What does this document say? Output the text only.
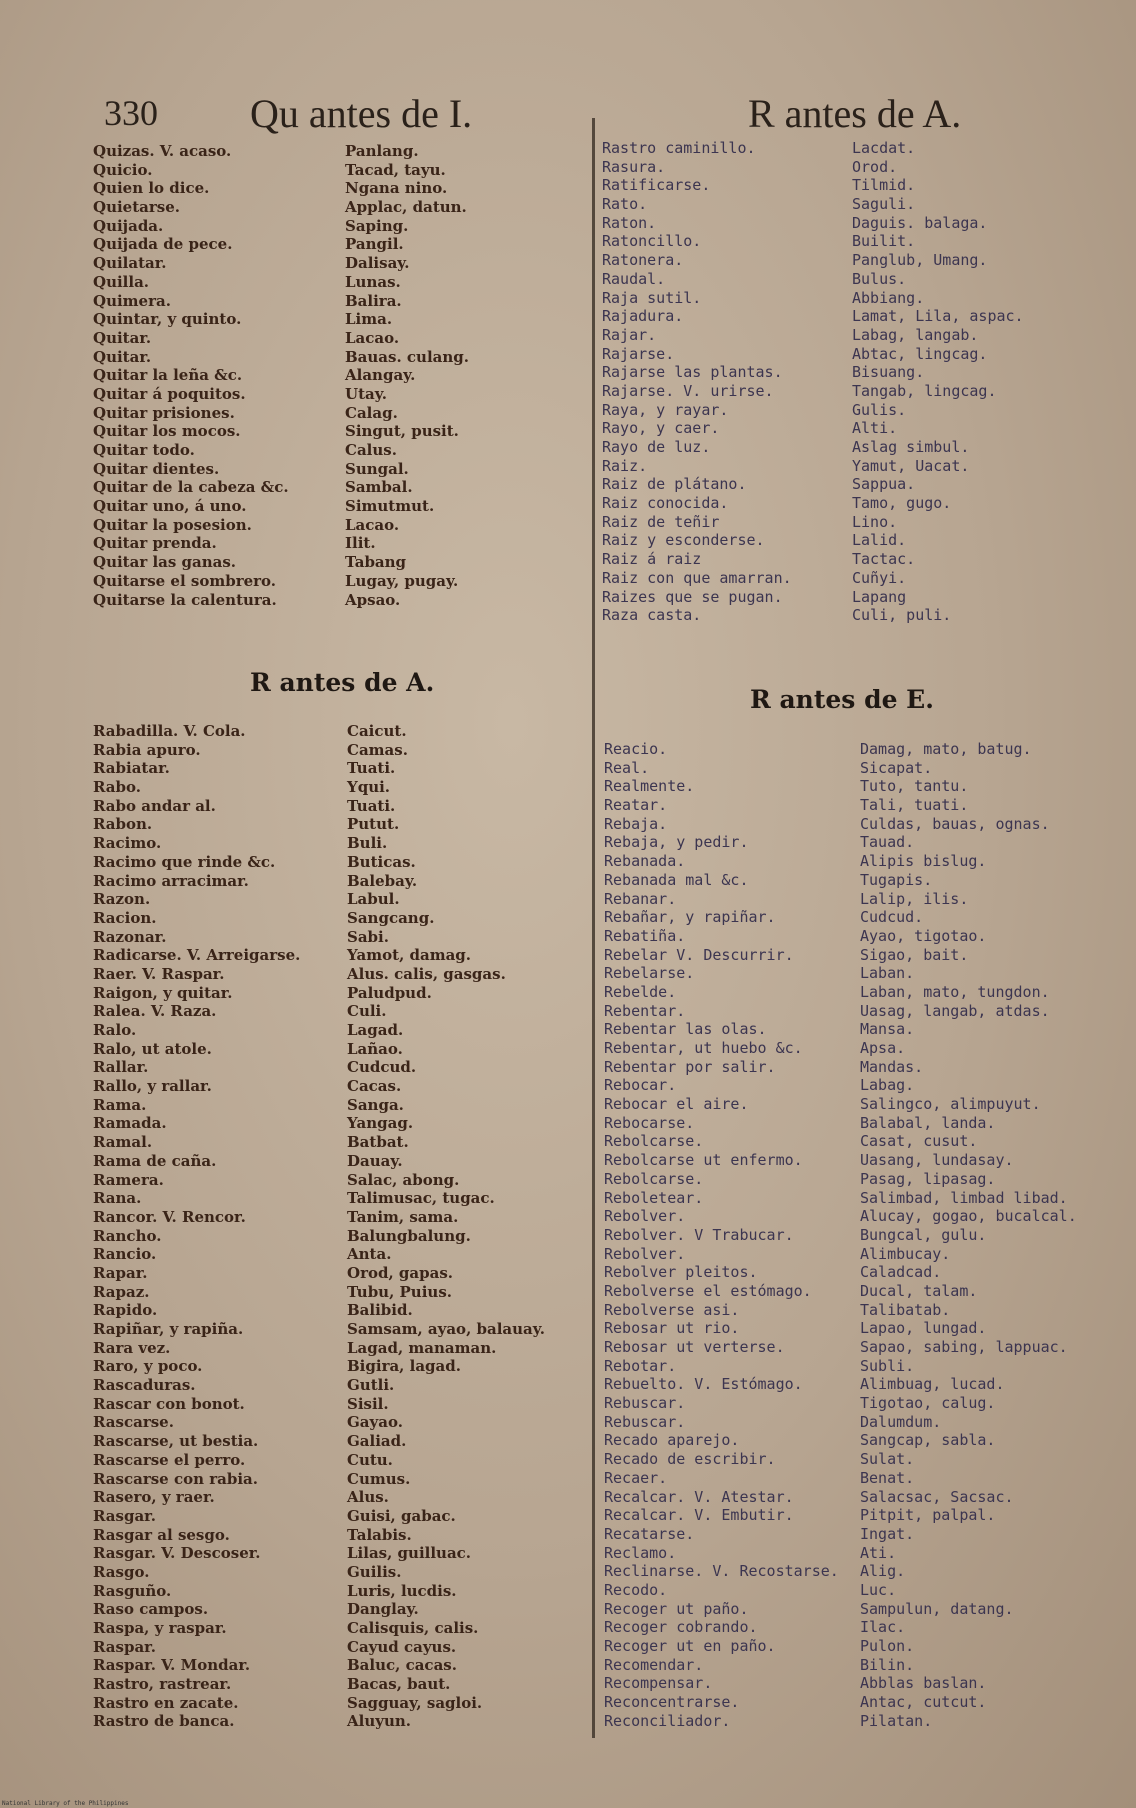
330 Qu antes de I.	R antes de A.
Quizas. V. acaso.	Panlang.
Quicio.	Tacad, tayu.
Quien lo dice.	Ngana nino.
Quietarse.	Applac, datun.
Quijada.	Saping.
Quijada de pece.	Pangil.
Quilatar.	Dalisay.
Quilla.	Lunas.
Quimera.	Balira.
Quintar, y quinto.	Lima.
Quitar.	Lacao.
Quitar.	Bauas. culang.
Quitar la leña &c.	Alangay.
Quitar á poquitos.	Utay.
Quitar prisiones.	Calag.
Quitar los mocos.	Singut, pusit.
Quitar todo.	Calus.
Quitar dientes.	Sungal.
Quitar de la cabeza &c.	Sambal.
Quitar uno, á uno.	Simutmut.
Quitar la posesion.	Lacao.
Quitar prenda.	Ilit.
Quitar las ganas.	Tabang
Quitarse el sombrero.	Lugay, pugay.
Quitarse la calentura.	Apsao.
Rastro caminillo.	Lacdat.
Rasura.	Orod.
Ratificarse.	Tilmid.
Rato.	Saguli.
Raton.	Daguis. balaga.
Ratoncillo.	Builit.
Ratonera.	Panglub, Umang.
Raudal.	Bulus.
Raja sutil.	Abbiang.
Rajadura.	Lamat, Lila, aspac.
Rajar.	Labag, langab.
Rajarse.	Abtac, lingcag.
Rajarse las plantas.	Bisuang.
Rajarse. V. urirse.	Tangab, lingcag.
Raya, y rayar.	Gulis.
Rayo, y caer.	Alti.
Rayo de luz.	Aslag simbul.
Raiz.	Yamut, Uacat.
Raiz de plátano.	Sappua.
Raiz conocida.	Tamo, gugo.
Raiz de teñir	Lino.
Raiz y esconderse.	Lalid.
Raiz á raiz	Tactac.
Raiz con que amarran.	Cuñyi.
Raizes que se pugan.	Lapang
Raza casta.	Culi, puli.
R antes de A.
Rabadilla. V. Cola.	Caicut.
Rabia apuro.	Camas.
Rabiatar.	Tuati.
Rabo.	Yqui.
Rabo andar al.	Tuati.
Rabon.	Putut.
Racimo.	Buli.
Racimo que rinde &c.	Buticas.
Racimo arracimar.	Balebay.
Razon.	Labul.
Racion.	Sangcang.
Razonar.	Sabi.
Radicarse. V. Arreigarse.	Yamot, damag.
Raer. V. Raspar.	Alus. calis, gasgas.
Raigon, y quitar.	Paludpud.
Ralea. V. Raza.	Culi.
Ralo.	Lagad.
Ralo, ut atole.	Lañao.
Rallar.	Cudcud.
Rallo, y rallar.	Cacas.
Rama.	Sanga.
Ramada.	Yangag.
Ramal.	Batbat.
Rama de caña.	Dauay.
Ramera.	Salac, abong.
Rana.	Talimusac, tugac.
Rancor. V. Rencor.	Tanim, sama.
Rancho.	Balungbalung.
Rancio.	Anta.
Rapar.	Orod, gapas.
Rapaz.	Tubu, Puius.
Rapido.	Balibid.
Rapiñar, y rapiña.	Samsam, ayao, balauay.
Rara vez.	Lagad, manaman.
Raro, y poco.	Bigira, lagad.
Rascaduras.	Gutli.
Rascar con bonot.	Sisil.
Rascarse.	Gayao.
Rascarse, ut bestia.	Galiad.
Rascarse el perro.	Cutu.
Rascarse con rabia.	Cumus.
Rasero, y raer.	Alus.
Rasgar.	Guisi, gabac.
Rasgar al sesgo.	Talabis.
Rasgar. V. Descoser.	Lilas, guilluac.
Rasgo.	Guilis.
Rasguño.	Luris, lucdis.
Raso campos.	Danglay.
Raspa, y raspar.	Calisquis, calis.
Raspar.	Cayud cayus.
Raspar. V. Mondar.	Baluc, cacas.
Rastro, rastrear.	Bacas, baut.
Rastro en zacate.	Sagguay, sagloi.
Rastro de banca.	Aluyun.
R antes de E.
Reacio.	Damag, mato, batug.
Real.	Sicapat.
Realmente.	Tuto, tantu.
Reatar.	Tali, tuati.
Rebaja.	Culdas, bauas, ognas.
Rebaja, y pedir.	Tauad.
Rebanada.	Alipis bislug.
Rebanada mal &c.	Tugapis.
Rebanar.	Lalip, ilis.
Rebañar, y rapiñar.	Cudcud.
Rebatiña.	Ayao, tigotao.
Rebelar V. Descurrir.	Sigao, bait.
Rebelarse.	Laban.
Rebelde.	Laban, mato, tungdon.
Rebentar.	Uasag, langab, atdas.
Rebentar las olas.	Mansa.
Rebentar, ut huebo &c.	Apsa.
Rebentar por salir.	Mandas.
Rebocar.	Labag.
Rebocar el aire.	Salingco, alimpuyut.
Rebocarse.	Balabal, landa.
Rebolcarse.	Casat, cusut.
Rebolcarse ut enfermo.	Uasang, lundasay.
Rebolcarse.	Pasag, lipasag.
Reboletear.	Salimbad, limbad libad.
Rebolver.	Alucay, gogao, bucalcal.
Rebolver. V Trabucar.	Bungcal, gulu.
Rebolver.	Alimbucay.
Rebolver pleitos.	Caladcad.
Rebolverse el estómago.	Ducal, talam.
Rebolverse asi.	Talibatab.
Rebosar ut rio.	Lapao, lungad.
Rebosar ut verterse.	Sapao, sabing, lappuac.
Rebotar.	Subli.
Rebuelto. V. Estómago.	Alimbuag, lucad.
Rebuscar.	Tigotao, calug.
Rebuscar.	Dalumdum.
Recado aparejo.	Sangcap, sabla.
Recado de escribir.	Sulat.
Recaer.	Benat.
Recalcar. V. Atestar.	Salacsac, Sacsac.
Recalcar. V. Embutir.	Pitpit, palpal.
Recatarse.	Ingat.
Reclamo.	Ati.
Reclinarse. V. Recostarse. Alig.
Recodo.	Luc.
Recoger ut paño.	Sampulun, datang.
Recoger cobrando.	Ilac.
Recoger ut en paño.	Pulon.
Recomendar.	Bilin.
Recompensar.	Abblas baslan.
Reconcentrarse.	Antac, cutcut.
Reconciliador.	Pilatan.
National Library of the Philippines
